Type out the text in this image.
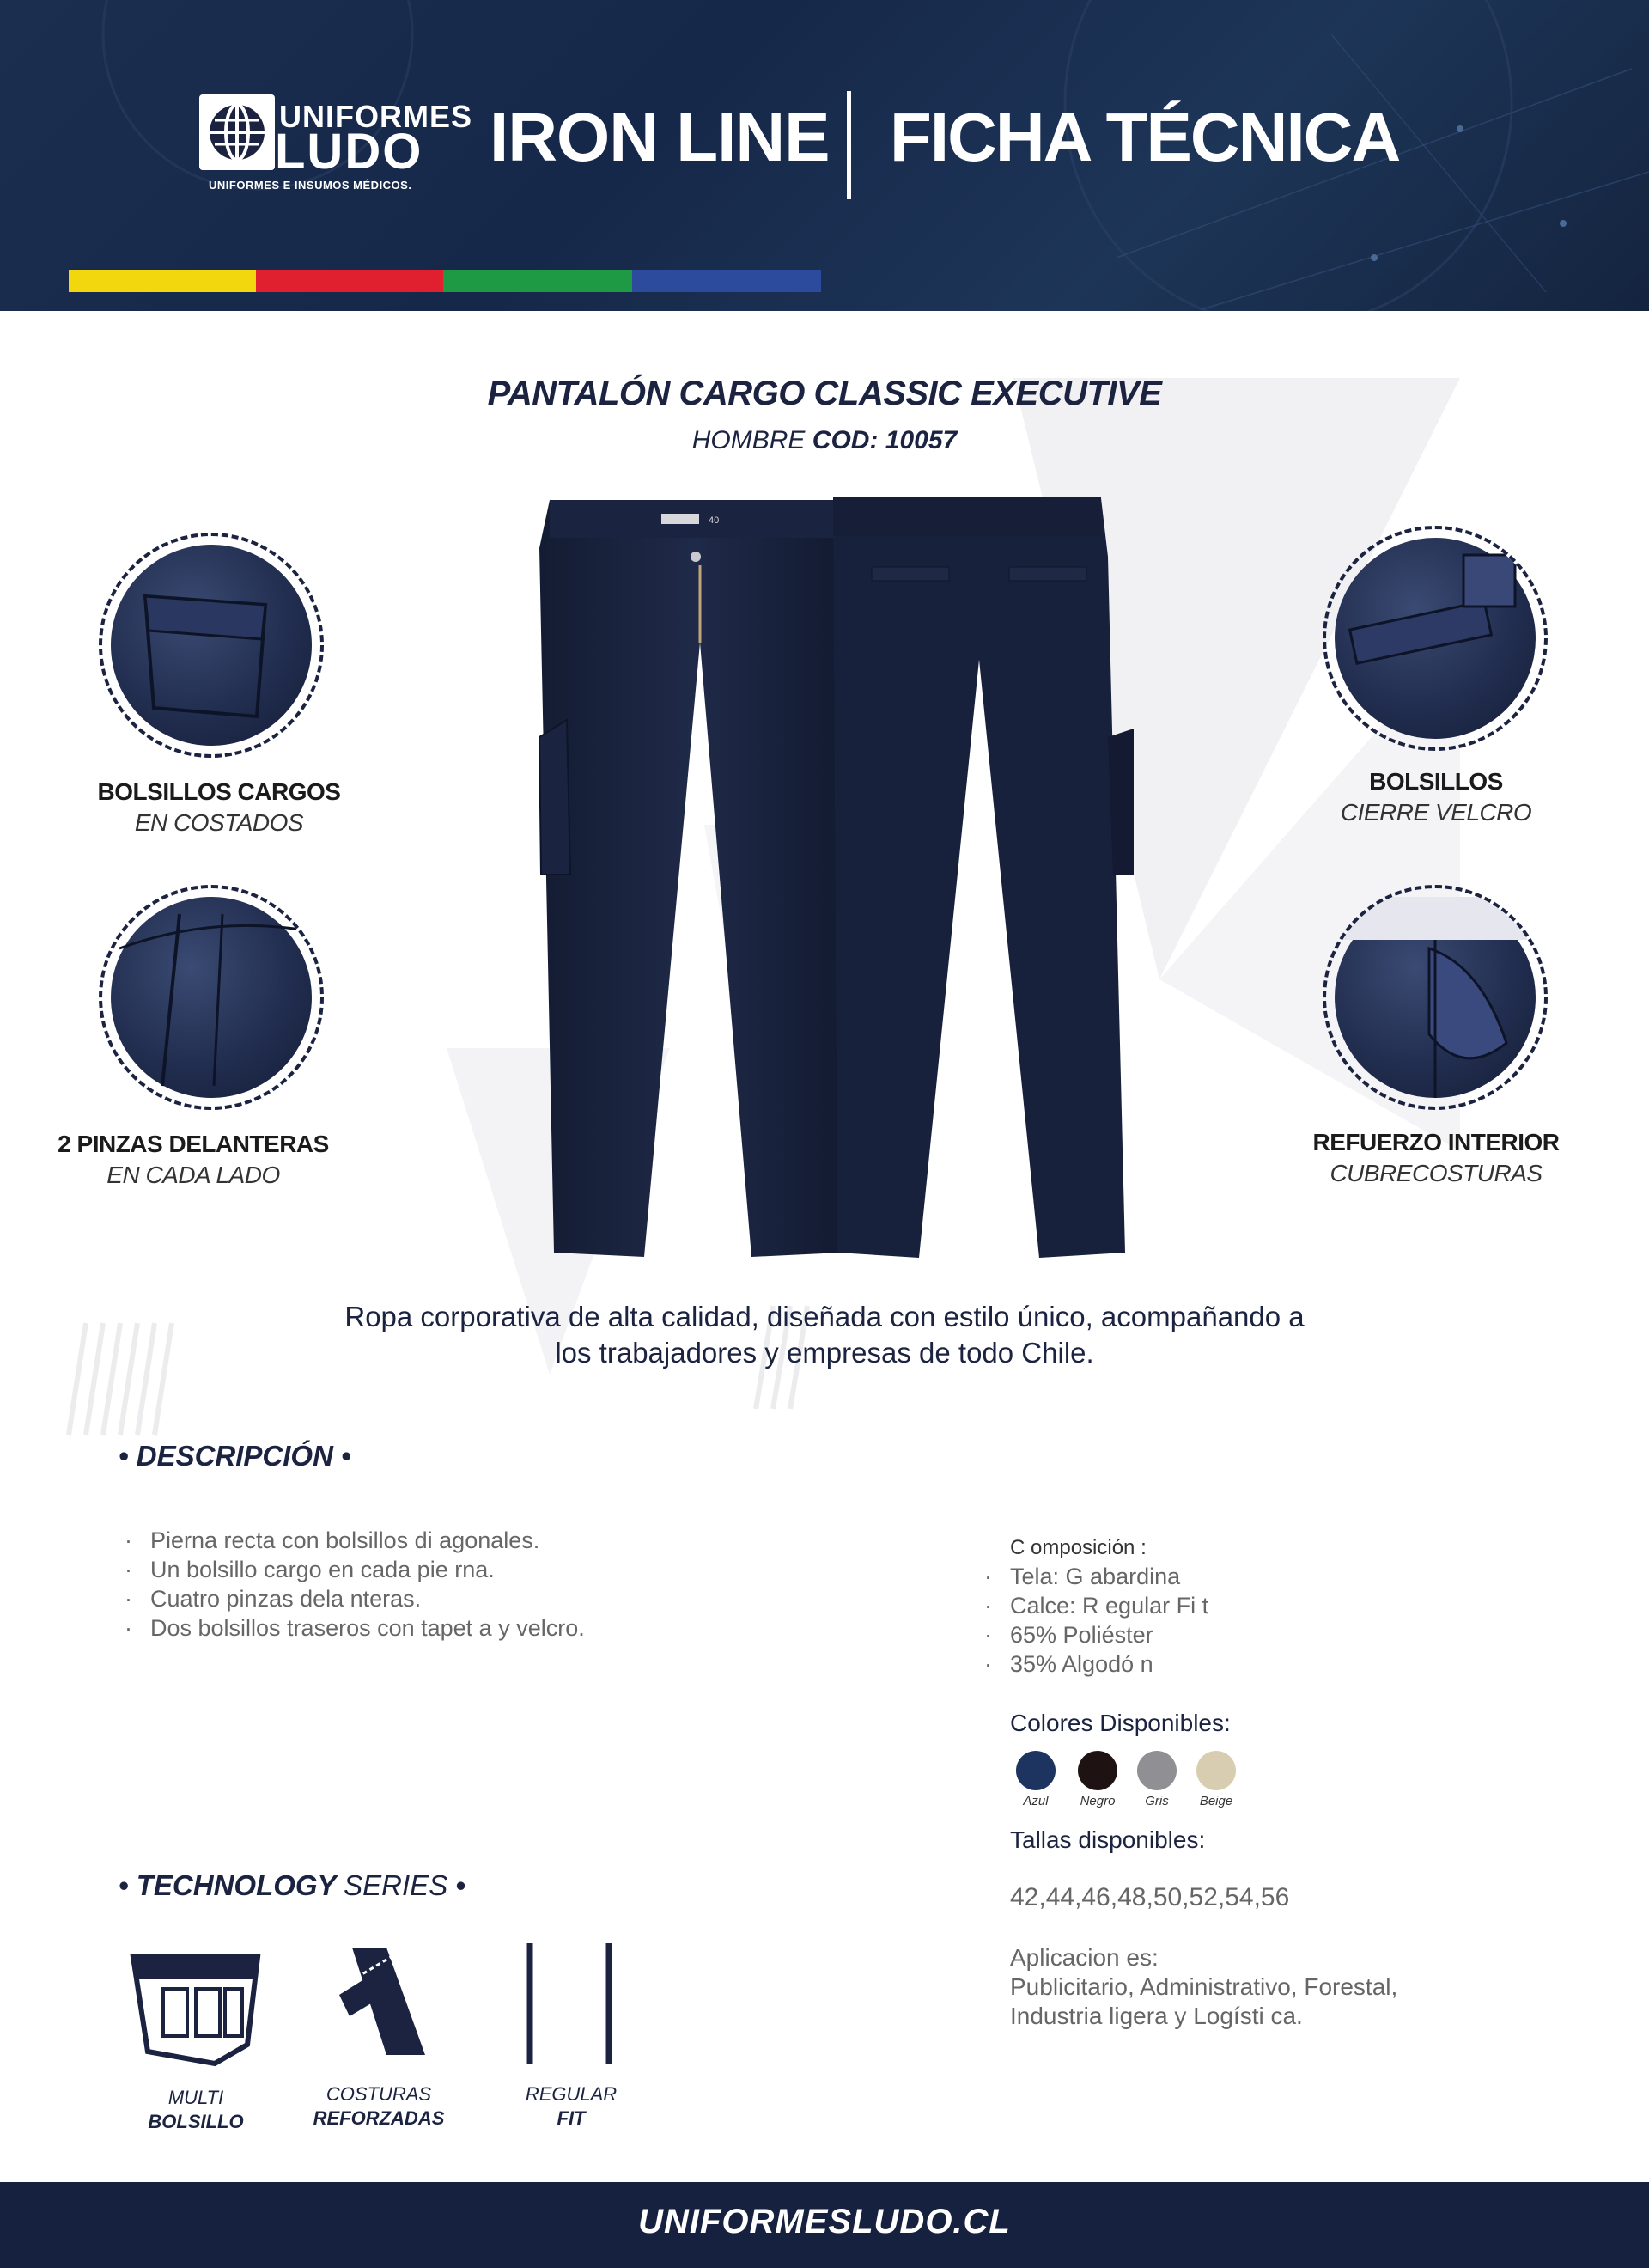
UNIFORMES
LUDO
UNIFORMES E INSUMOS MÉDICOS.
IRON LINE FICHA TÉCNICA
PANTALÓN CARGO CLASSIC EXECUTIVE
HOMBRE COD: 10057
40
BOLSILLOS CARGOS
EN COSTADOS
2 PINZAS DELANTERAS
EN CADA LADO
BOLSILLOS
CIERRE VELCRO
REFUERZO INTERIOR
CUBRECOSTURAS
Ropa corporativa de alta calidad, diseñada con estilo único, acompañando a
los trabajadores y empresas de todo Chile.
• DESCRIPCIÓN •
· Pierna recta con bolsillos di agonales.
· Un bolsillo cargo en cada pie rna.
· Cuatro pinzas dela nteras.
· Dos bolsillos traseros con tapet a y velcro.
C omposición :
· Tela: G abardina
· Calce: R egular Fi t
· 65% Poliéster
· 35% Algodó n
Colores Disponibles:
Azul	Negro	Gris	Beige
Tallas disponibles:
42,44,46,48,50,52,54,56
Aplicacion es:
Publicitario, Administrativo, Forestal,
Industria ligera y Logísti ca.
• TECHNOLOGY SERIES •
MULTI
BOLSILLO
COSTURAS
REFORZADAS
REGULAR
FIT
UNIFORMESLUDO.CL
